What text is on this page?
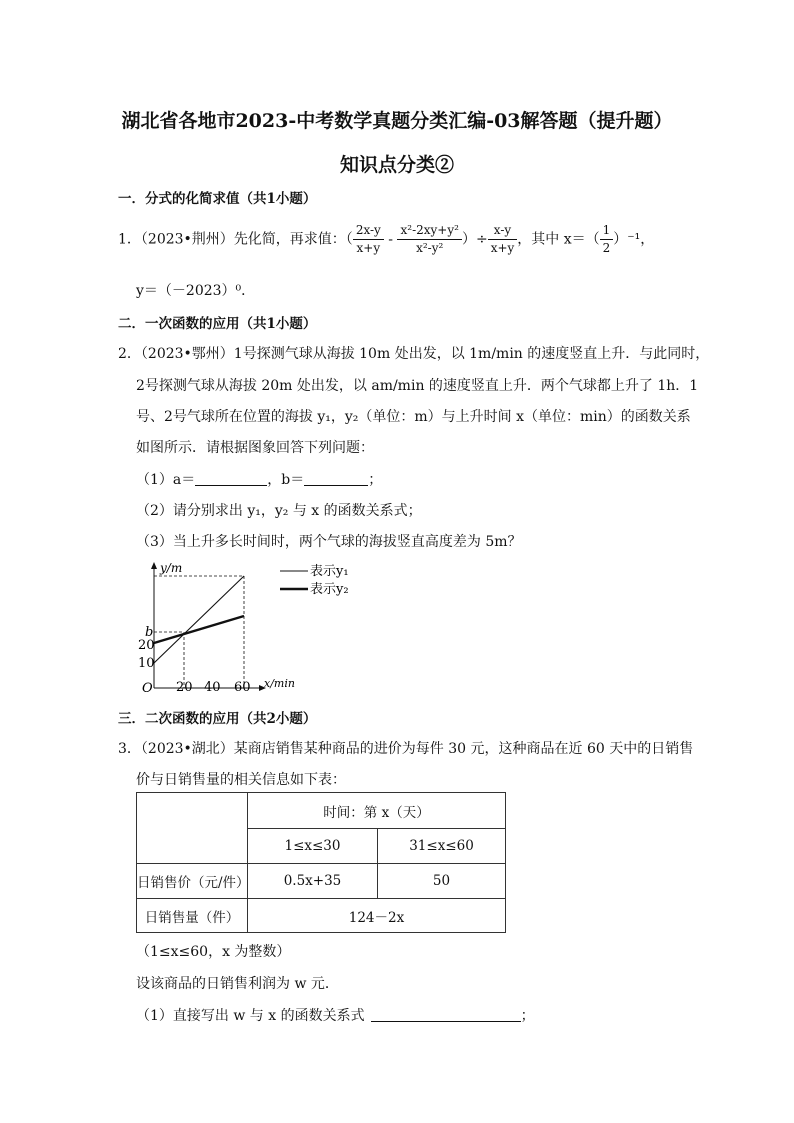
湖北省各地市2023-中考数学真题分类汇编-03解答题（提升题）
知识点分类②
一．分式的化简求值（共1小题）
1．（2023•荆州）先化简，再求值：（ $\frac{2x-y}{x+y} - \frac{\text{x²-2xy+y²}}{\text{x²-y²}}$ ）÷ $\frac{x-y}{x+y}$ ，其中 $x=( \frac{1}{2} )^{-1}$，
y＝（－2023）⁰．
二．一次函数的应用（共1小题）
2．（2023•鄂州）1号探测气球从海拔 10m 处出发，以 1m/min 的速度竖直上升．与此同时，
2号探测气球从海拔 20m 处出发，以 am/min 的速度竖直上升．两个气球都上升了 1h．1
号、2号气球所在位置的海拔 y₁，y₂（单位：m）与上升时间 x（单位：min）的函数关系
如图所示．请根据图象回答下列问题：
（1）a＝	，b＝	；
（2）请分别求出 y₁，y₂ 与 x 的函数关系式；
（3）当上升多长时间时，两个气球的海拔竖直高度差为 5m？
y/m
x/min
O
b
20
10
20 40 60
表示y₁
表示y₂
三．二次函数的应用（共2小题）
3．（2023•湖北）某商店销售某种商品的进价为每件 30 元，这种商品在近 60 天中的日销售
价与日销售量的相关信息如下表：
	时间：第 x（天）	
	1≤x≤30	31≤x≤60
日销售价（元/件）	0.5x+35	50
日销售量（件）	124－2x	
（1≤x≤60，x 为整数）
设该商品的日销售利润为 w 元．
（1）直接写出 w 与 x 的函数关系式	；
